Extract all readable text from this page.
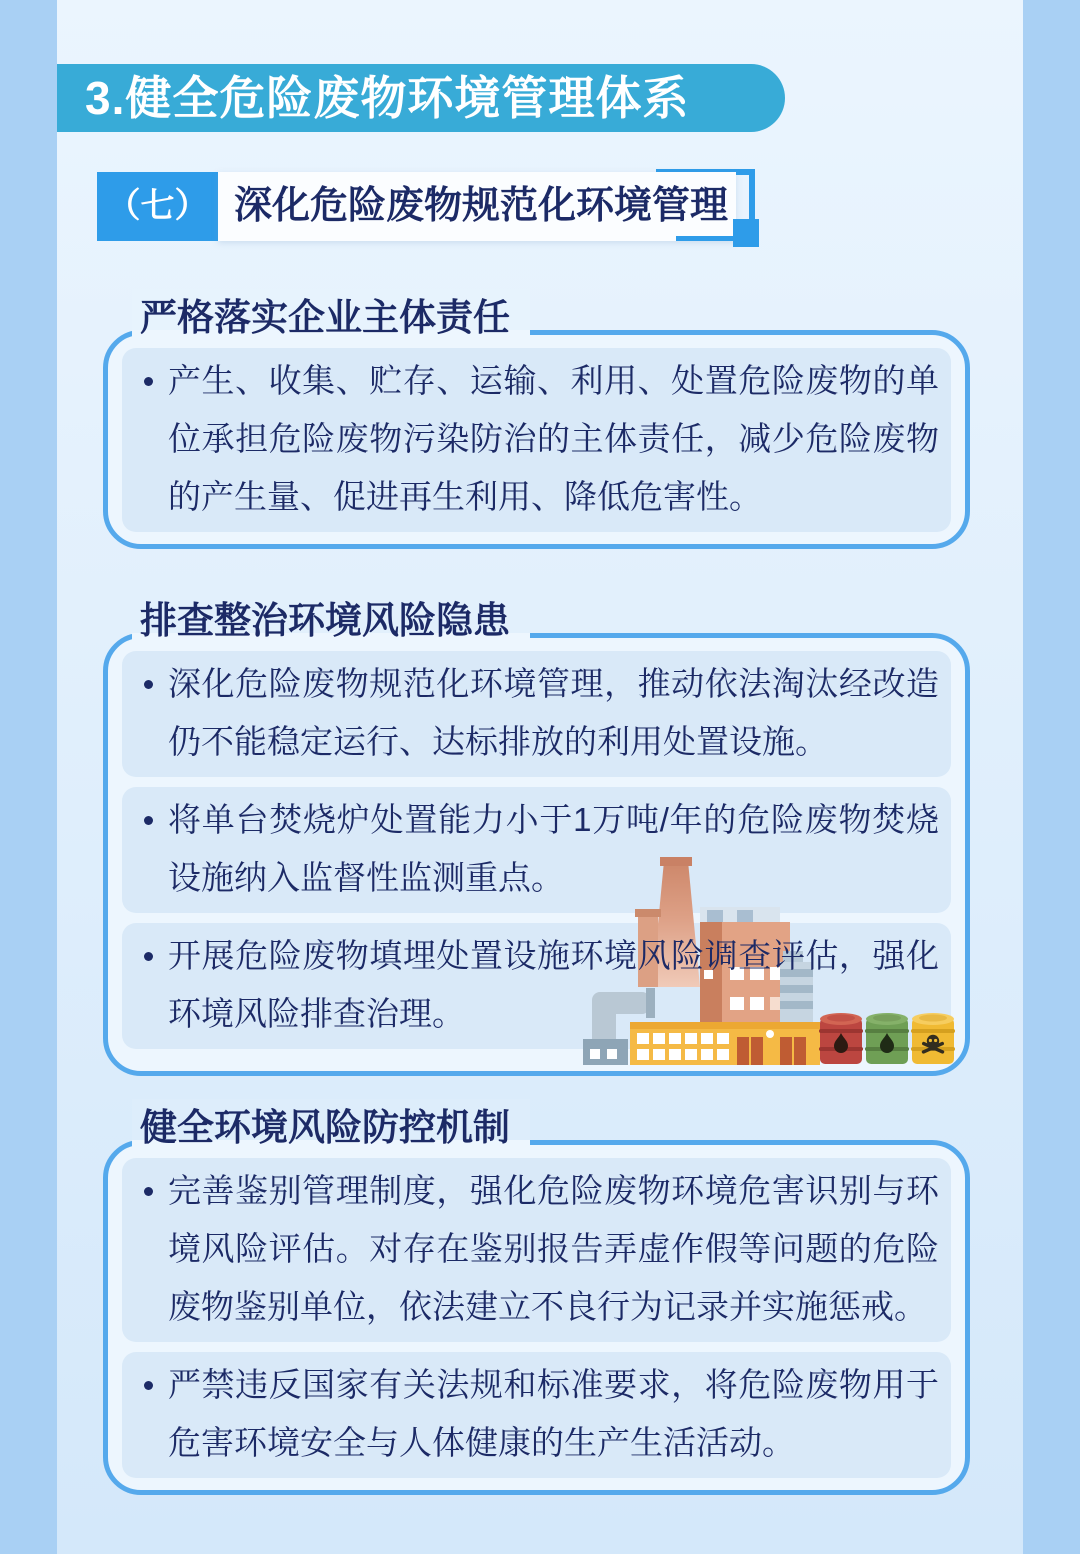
3.健全危险废物环境管理体系
（七） 深化危险废物规范化环境管理
严格落实企业主体责任
产生、收集、贮存、运输、利用、处置危险废物的单位承担危险废物污染防治的主体责任，减少危险废物的产生量、促进再生利用、降低危害性。
排查整治环境风险隐患
深化危险废物规范化环境管理，推动依法淘汰经改造仍不能稳定运行、达标排放的利用处置设施。
将单台焚烧炉处置能力小于1万吨/年的危险废物焚烧设施纳入监督性监测重点。
开展危险废物填埋处置设施环境风险调查评估，强化环境风险排查治理。
健全环境风险防控机制
完善鉴别管理制度，强化危险废物环境危害识别与环境风险评估。对存在鉴别报告弄虚作假等问题的危险废物鉴别单位，依法建立不良行为记录并实施惩戒。
严禁违反国家有关法规和标准要求，将危险废物用于危害环境安全与人体健康的生产生活活动。
